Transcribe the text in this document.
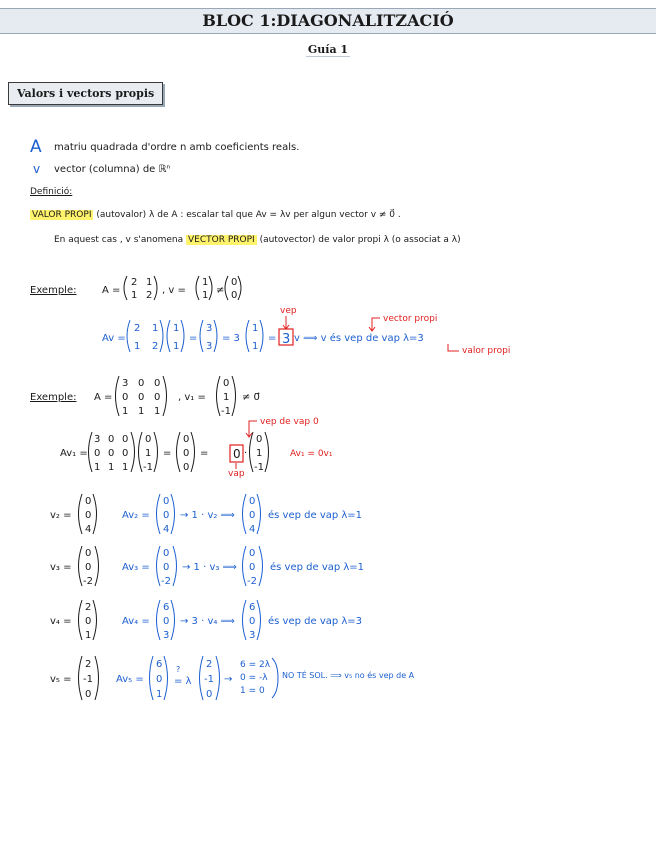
BLOC 1:DIAGONALITZACIÓ
Guía 1
Valors i vectors propis
A matriu quadrada d'ordre n amb coeficients reals.
v vector (columna) de ℝⁿ
Definició:
VALOR PROPI (autovalor) λ de A : escalar tal que Av = λv per algun vector v ≠ 0⃗ .
En aquest cas , v s'anomena VECTOR PROPI (autovector) de valor propi λ (o associat a λ)
Exemple:	A =
2 1
1 2 , v =
1
1 ≠
0
0
Av =
2 1
1 2
1
1
=
3
3
= 3
1
1
= 3 v ⟹ v és vep de vap λ=3
vep
vector propi
valor propi
Exemple: A =
3 0 0
0 0 0
1 1 1
, v₁ =
0
1
-1
≠ 0⃗
Av₁ =
3 0 0
0 0 0
1 1 1
0
1
-1
=
0
0
0
= 0 ·
0
1
-1
vep de vap 0
vap
Av₁ = 0v₁
v₂ =
0
0
4
Av₂ =
0
0
4
→ 1 · v₂ ⟹
0
0
4
és vep de vap λ=1
v₃ =
0
0
-2
Av₃ =
0
0
-2
→ 1 · v₃ ⟹
0
0
-2
és vep de vap λ=1
v₄ =
2
0
1
Av₄ =
6
0
3
→ 3 · v₄ ⟹
6
0
3
és vep de vap λ=3
v₅ =
2
-1
0
Av₅ =
6
0
1
?
= λ
2
-1
0
→
6 = 2λ
0 = -λ
1 = 0
NO TÉ SOL. ⟹ v₅ no és vep de A
